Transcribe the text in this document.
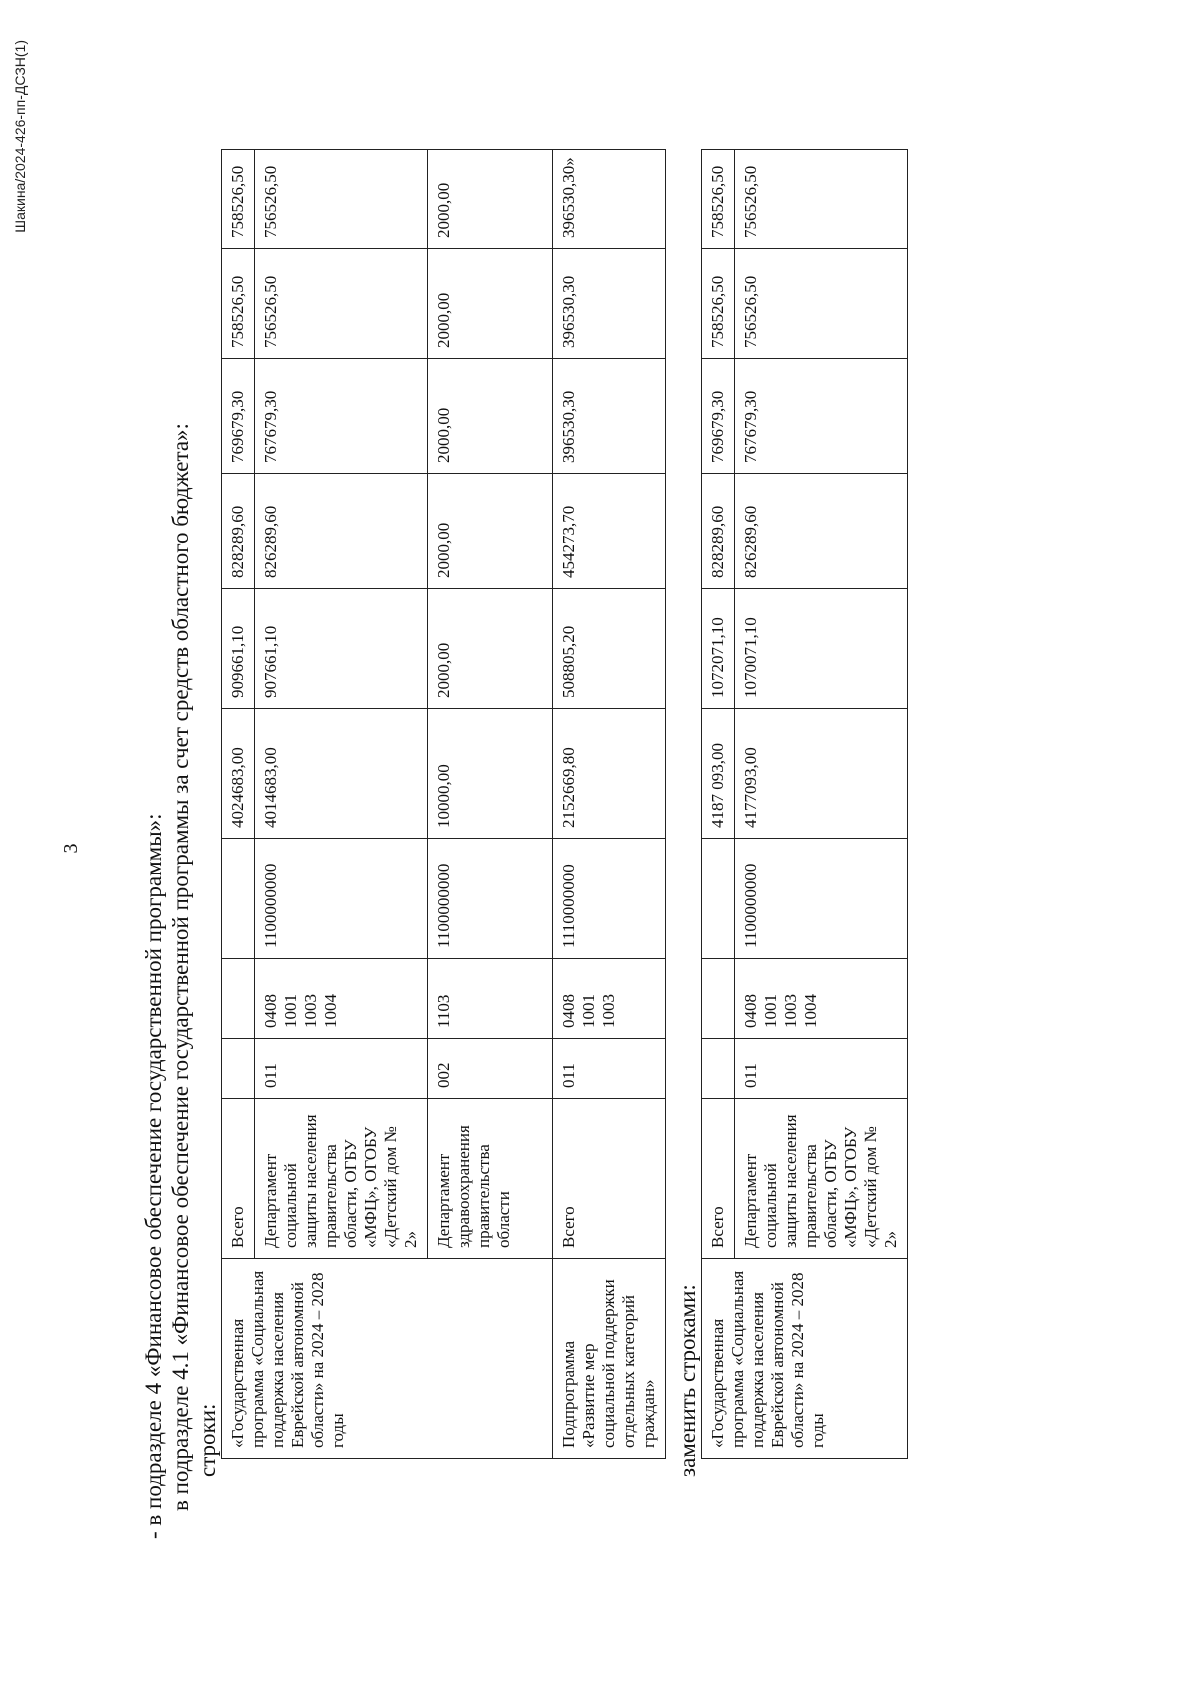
3
Шакина/2024-426-пп-ДСЗН(1)

- в подразделе 4 «Финансовое обеспечение государственной программы»: в подразделе 4.1 «Финансовое обеспечение государственной программы за счет средств областного бюджета»: строки: «Государственная программа «Социальная поддержка населения Еврейской автономной области» на 2024 – 2028 годы	Всего				4024683,00	909661,10	828289,60	769679,30	758526,50	758526,50
	Департамент социальной защиты населения правительства области, ОГБУ «МФЦ», ОГОБУ «Детский дом № 2»	011	0408 1001 1003 1004	1100000000	4014683,00	907661,10	826289,60	767679,30	756526,50	756526,50
	Департамент здравоохранения правительства области	002	1103	1100000000	10000,00	2000,00	2000,00	2000,00	2000,00	2000,00
Подпрограмма «Развитие мер социальной поддержки отдельных категорий граждан»	Всего	011	0408 1001 1003	1110000000	2152669,80	508805,20	454273,70	396530,30	396530,30	396530,30»

заменить строками: «Государственная программа «Социальная поддержка населения Еврейской автономной области» на 2024 – 2028 годы	Всего				4187 093,00	1072071,10	828289,60	769679,30	758526,50	758526,50
	Департамент социальной защиты населения правительства области, ОГБУ «МФЦ», ОГОБУ «Детский дом № 2»	011	0408 1001 1003 1004	1100000000	4177093,00	1070071,10	826289,60	767679,30	756526,50	756526,50
